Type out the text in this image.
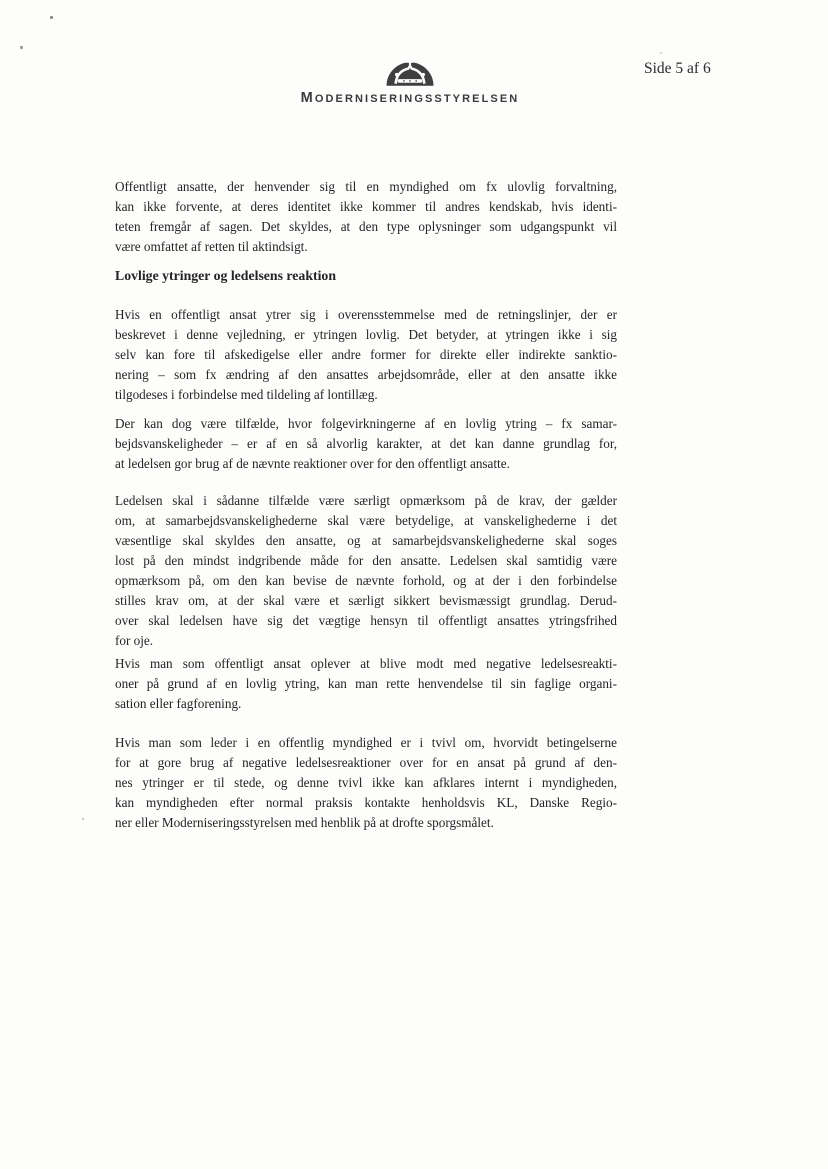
MODERNISERINGSSTYRELSEN
Side 5 af 6
Offentligt ansatte, der henvender sig til en myndighed om fx ulovlig forvaltning,
kan ikke forvente, at deres identitet ikke kommer til andres kendskab, hvis identi-
teten fremgår af sagen. Det skyldes, at den type oplysninger som udgangspunkt vil
være omfattet af retten til aktindsigt.
Lovlige ytringer og ledelsens reaktion
Hvis en offentligt ansat ytrer sig i overensstemmelse med de retningslinjer, der er
beskrevet i denne vejledning, er ytringen lovlig. Det betyder, at ytringen ikke i sig
selv kan fore til afskedigelse eller andre former for direkte eller indirekte sanktio-
nering – som fx ændring af den ansattes arbejdsområde, eller at den ansatte ikke
tilgodeses i forbindelse med tildeling af lontillæg.
Der kan dog være tilfælde, hvor folgevirkningerne af en lovlig ytring – fx samar-
bejdsvanskeligheder – er af en så alvorlig karakter, at det kan danne grundlag for,
at ledelsen gor brug af de nævnte reaktioner over for den offentligt ansatte.
Ledelsen skal i sådanne tilfælde være særligt opmærksom på de krav, der gælder
om, at samarbejdsvanskelighederne skal være betydelige, at vanskelighederne i det
væsentlige skal skyldes den ansatte, og at samarbejdsvanskelighederne skal soges
lost på den mindst indgribende måde for den ansatte. Ledelsen skal samtidig være
opmærksom på, om den kan bevise de nævnte forhold, og at der i den forbindelse
stilles krav om, at der skal være et særligt sikkert bevismæssigt grundlag. Derud-
over skal ledelsen have sig det vægtige hensyn til offentligt ansattes ytringsfrihed
for oje.
Hvis man som offentligt ansat oplever at blive modt med negative ledelsesreakti-
oner på grund af en lovlig ytring, kan man rette henvendelse til sin faglige organi-
sation eller fagforening.
Hvis man som leder i en offentlig myndighed er i tvivl om, hvorvidt betingelserne
for at gore brug af negative ledelsesreaktioner over for en ansat på grund af den-
nes ytringer er til stede, og denne tvivl ikke kan afklares internt i myndigheden,
kan myndigheden efter normal praksis kontakte henholdsvis KL, Danske Regio-
ner eller Moderniseringsstyrelsen med henblik på at drofte sporgsmålet.
